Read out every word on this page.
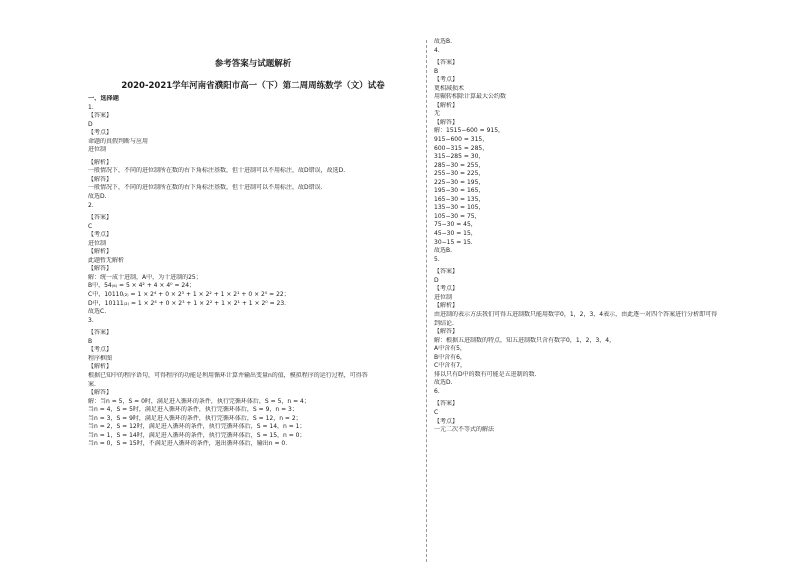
参考答案与试题解析
2020-2021学年河南省濮阳市高一（下）第二周周练数学（文）试卷
一、选择题
1.
【答案】
D
【考点】
命题的真假判断与应用
进位制
【解析】
一般情况下，不同的进位制所在数的右下角标注基数，但十进制可以不用标注，故D错误，故选D.
【解答】
一般情况下，不同的进位制所在数的右下角标注基数，但十进制可以不用标注，故D错误.
故选D.
2.
【答案】
C
【考点】
进位制
【解析】
此题暂无解析
【解答】
解：统一成十进制，A中，为十进制的25；
B中，54₍₆₎ = 5 × 4² + 4 × 4⁰ = 24；
C中，10110₍₂₎ = 1 × 2⁴ + 0 × 2³ + 1 × 2² + 1 × 2¹ + 0 × 2⁰ = 22；
D中，10111₍₂₎ = 1 × 2⁴ + 0 × 2³ + 1 × 2² + 1 × 2¹ + 1 × 2⁰ = 23.
故选C.
3.
【答案】
B
【考点】
程序框图
【解析】
根据已知中的程序语句，可得程序的功能是利用循环计算并输出变量n的值，模拟程序的运行过程，可得答
案.
【解答】
解：当n = 5，S = 0时，满足进入循环的条件，执行完循环体后，S = 5，n = 4；
当n = 4，S = 5时，满足进入循环的条件，执行完循环体后，S = 9，n = 3；
当n = 3，S = 9时，满足进入循环的条件，执行完循环体后，S = 12，n = 2；
当n = 2，S = 12时，满足进入循环的条件，执行完循环体后，S = 14，n = 1；
当n = 1，S = 14时，满足进入循环的条件，执行完循环体后，S = 15，n = 0；
当n = 0，S = 15时，不满足进入循环的条件，退出循环体后，输出n = 0.
故选B.
4.
【答案】
B
【考点】
更相减损术
用辗转相除计算最大公约数
【解析】
无
【解答】
解：1515−600 = 915，
915−600 = 315，
600−315 = 285，
315−285 = 30，
285−30 = 255，
255−30 = 225，
225−30 = 195，
195−30 = 165，
165−30 = 135，
135−30 = 105，
105−30 = 75，
75−30 = 45，
45−30 = 15，
30−15 = 15.
故选B.
5.
【答案】
D
【考点】
进位制
【解析】
由进制的表示方法我们可得五进制数只能用数字0，1，2，3，4表示，由此逐一对四个答案进行分析即可得
到结论.
【解答】
解：根据五进制数的特点，知五进制数只含有数字0，1，2，3，4，
A中含有5，
B中含有6，
C中含有7，
排以只有D中的数有可能是五进制的数.
故选D.
6.
【答案】
C
【考点】
一元二次不等式的解法
